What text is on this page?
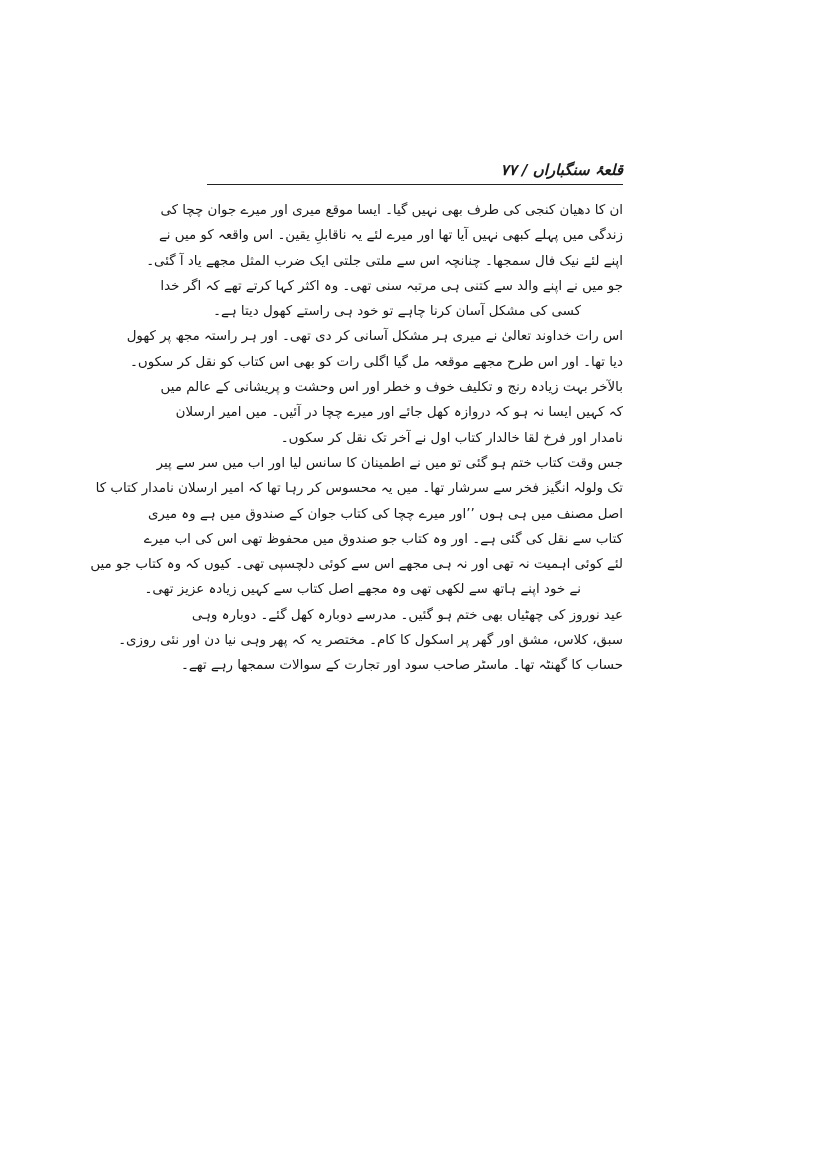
قلعۂ سنگباراں / ۷۷
ان کا دھیان کنجی کی طرف بھی نہیں گیا۔ ایسا موقع میری اور میرے جوان چچا کی
زندگی میں پہلے کبھی نہیں آیا تھا اور میرے لئے یہ ناقابلِ یقین۔ اس واقعہ کو میں نے
اپنے لئے نیک فال سمجھا۔ چنانچہ اس سے ملتی جلتی ایک ضرب المثل مجھے یاد آ گئی۔
جو میں نے اپنے والد سے کتنی ہی مرتبہ سنی تھی۔ وہ اکثر کہا کرتے تھے کہ اگر خدا
کسی کی مشکل آسان کرنا چاہے تو خود ہی راستے کھول دیتا ہے۔
اس رات خداوند تعالیٰ نے میری ہر مشکل آسانی کر دی تھی۔ اور ہر راستہ مجھ پر کھول
دیا تھا۔ اور اس طرح مجھے موقعہ مل گیا اگلی رات کو بھی اس کتاب کو نقل کر سکوں۔
بالآخر بہت زیادہ رنج و تکلیف خوف و خطر اور اس وحشت و پریشانی کے عالم میں
کہ کہیں ایسا نہ ہو کہ دروازہ کھل جائے اور میرے چچا در آئیں۔ میں امیر ارسلان
نامدار اور فرخ لقا خالدار کتاب اول نے آخر تک نقل کر سکوں۔
جس وقت کتاب ختم ہو گئی تو میں نے اطمینان کا سانس لیا اور اب میں سر سے پیر
تک ولولہ انگیز فخر سے سرشار تھا۔ میں یہ محسوس کر رہا تھا کہ امیر ارسلان نامدار کتاب کا
اصل مصنف میں ہی ہوں ’’اور میرے چچا کی کتاب جوان کے صندوق میں ہے وہ میری
کتاب سے نقل کی گئی ہے۔ اور وہ کتاب جو صندوق میں محفوظ تھی اس کی اب میرے
لئے کوئی اہمیت نہ تھی اور نہ ہی مجھے اس سے کوئی دلچسپی تھی۔ کیوں کہ وہ کتاب جو میں
نے خود اپنے ہاتھ سے لکھی تھی وہ مجھے اصل کتاب سے کہیں زیادہ عزیز تھی۔
عید نوروز کی چھٹیاں بھی ختم ہو گئیں۔ مدرسے دوبارہ کھل گئے۔ دوبارہ وہی
سبق، کلاس، مشق اور گھر پر اسکول کا کام۔ مختصر یہ کہ پھر وہی نیا دن اور نئی روزی۔
حساب کا گھنٹہ تھا۔ ماسٹر صاحب سود اور تجارت کے سوالات سمجھا رہے تھے۔
